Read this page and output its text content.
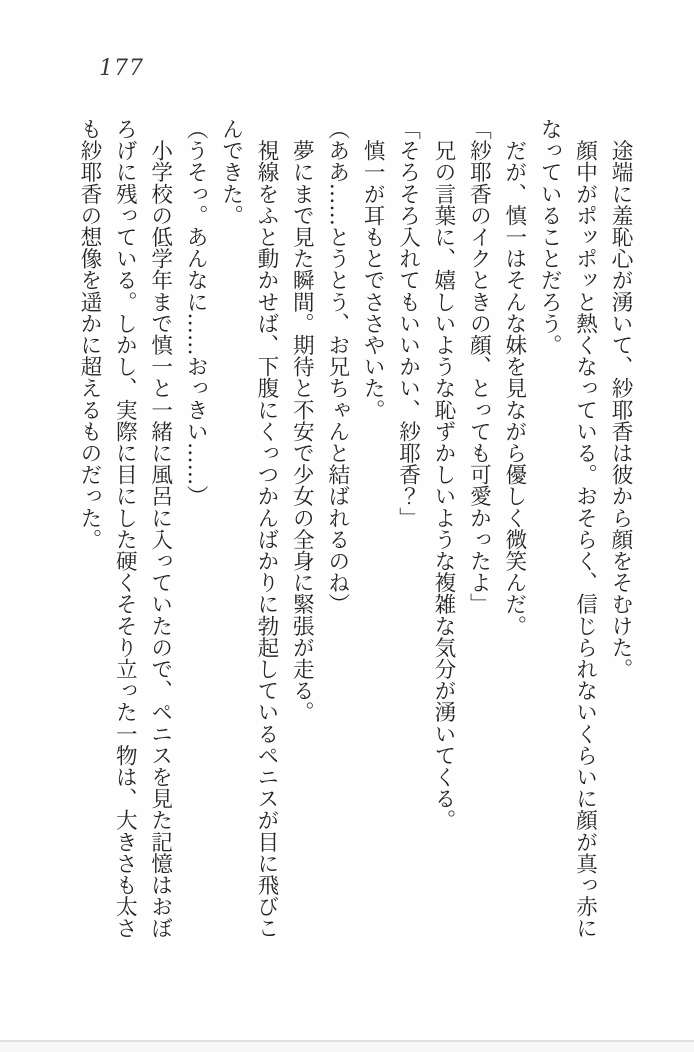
177

　途端に羞恥心が湧いて、紗耶香は彼から顔をそむけた。

　顔中がポッポッと熱くなっている。おそらく、信じられないくらいに顔が真っ赤になっていることだろう。

　だが、慎一はそんな妹を見ながら優しく微笑んだ。

「紗耶香のイクときの顔、とっても可愛かったよ」

　兄の言葉に、嬉しいような恥ずかしいような複雑な気分が湧いてくる。

「そろそろ入れてもいいかい、紗耶香？」

　慎一が耳もとでささやいた。

（ああ……とうとう、お兄ちゃんと結ばれるのね）

　夢にまで見た瞬間。期待と不安で少女の全身に緊張が走る。

　視線をふと動かせば、下腹にくっつかんばかりに勃起しているペニスが目に飛びこんできた。

（うそっ。あんなに……おっきい……）

　小学校の低学年まで慎一と一緒に風呂に入っていたので、ペニスを見た記憶はおぼろげに残っている。しかし、実際に目にした硬くそそり立った一物は、大きさも太さも紗耶香の想像を遥かに超えるものだった。
